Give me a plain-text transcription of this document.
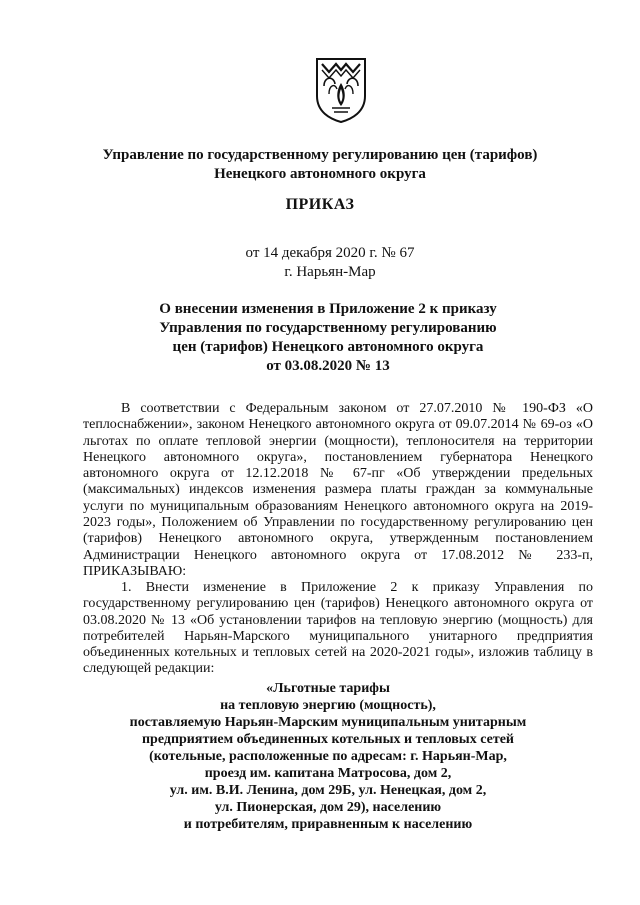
Управление по государственному регулированию цен (тарифов)
Ненецкого автономного округа
ПРИКАЗ
от 14 декабря 2020 г. № 67
г. Нарьян-Мар
О внесении изменения в Приложение 2 к приказу
Управления по государственному регулированию
цен (тарифов) Ненецкого автономного округа
от 03.08.2020 № 13

В соответствии с Федеральным законом от 27.07.2010 № 190-ФЗ «О теплоснабжении», законом Ненецкого автономного округа от 09.07.2014 № 69-оз «О льготах по оплате тепловой энергии (мощности), теплоносителя на территории Ненецкого автономного округа», постановлением губернатора Ненецкого автономного округа от 12.12.2018 № 67-пг «Об утверждении предельных (максимальных) индексов изменения размера платы граждан за коммунальные услуги по муниципальным образованиям Ненецкого автономного округа на 2019-2023 годы», Положением об Управлении по государственному регулированию цен (тарифов) Ненецкого автономного округа, утвержденным постановлением Администрации Ненецкого автономного округа от 17.08.2012 № 233-п, ПРИКАЗЫВАЮ:

1. Внести изменение в Приложение 2 к приказу Управления по государственному регулированию цен (тарифов) Ненецкого автономного округа от 03.08.2020 № 13 «Об установлении тарифов на тепловую энергию (мощность) для потребителей Нарьян-Марского муниципального унитарного предприятия объединенных котельных и тепловых сетей на 2020-2021 годы», изложив таблицу в следующей редакции:

«Льготные тарифы
на тепловую энергию (мощность),
поставляемую Нарьян-Марским муниципальным унитарным
предприятием объединенных котельных и тепловых сетей
(котельные, расположенные по адресам: г. Нарьян-Мар,
проезд им. капитана Матросова, дом 2,
ул. им. В.И. Ленина, дом 29Б, ул. Ненецкая, дом 2,
ул. Пионерская, дом 29), населению
и потребителям, приравненным к населению
